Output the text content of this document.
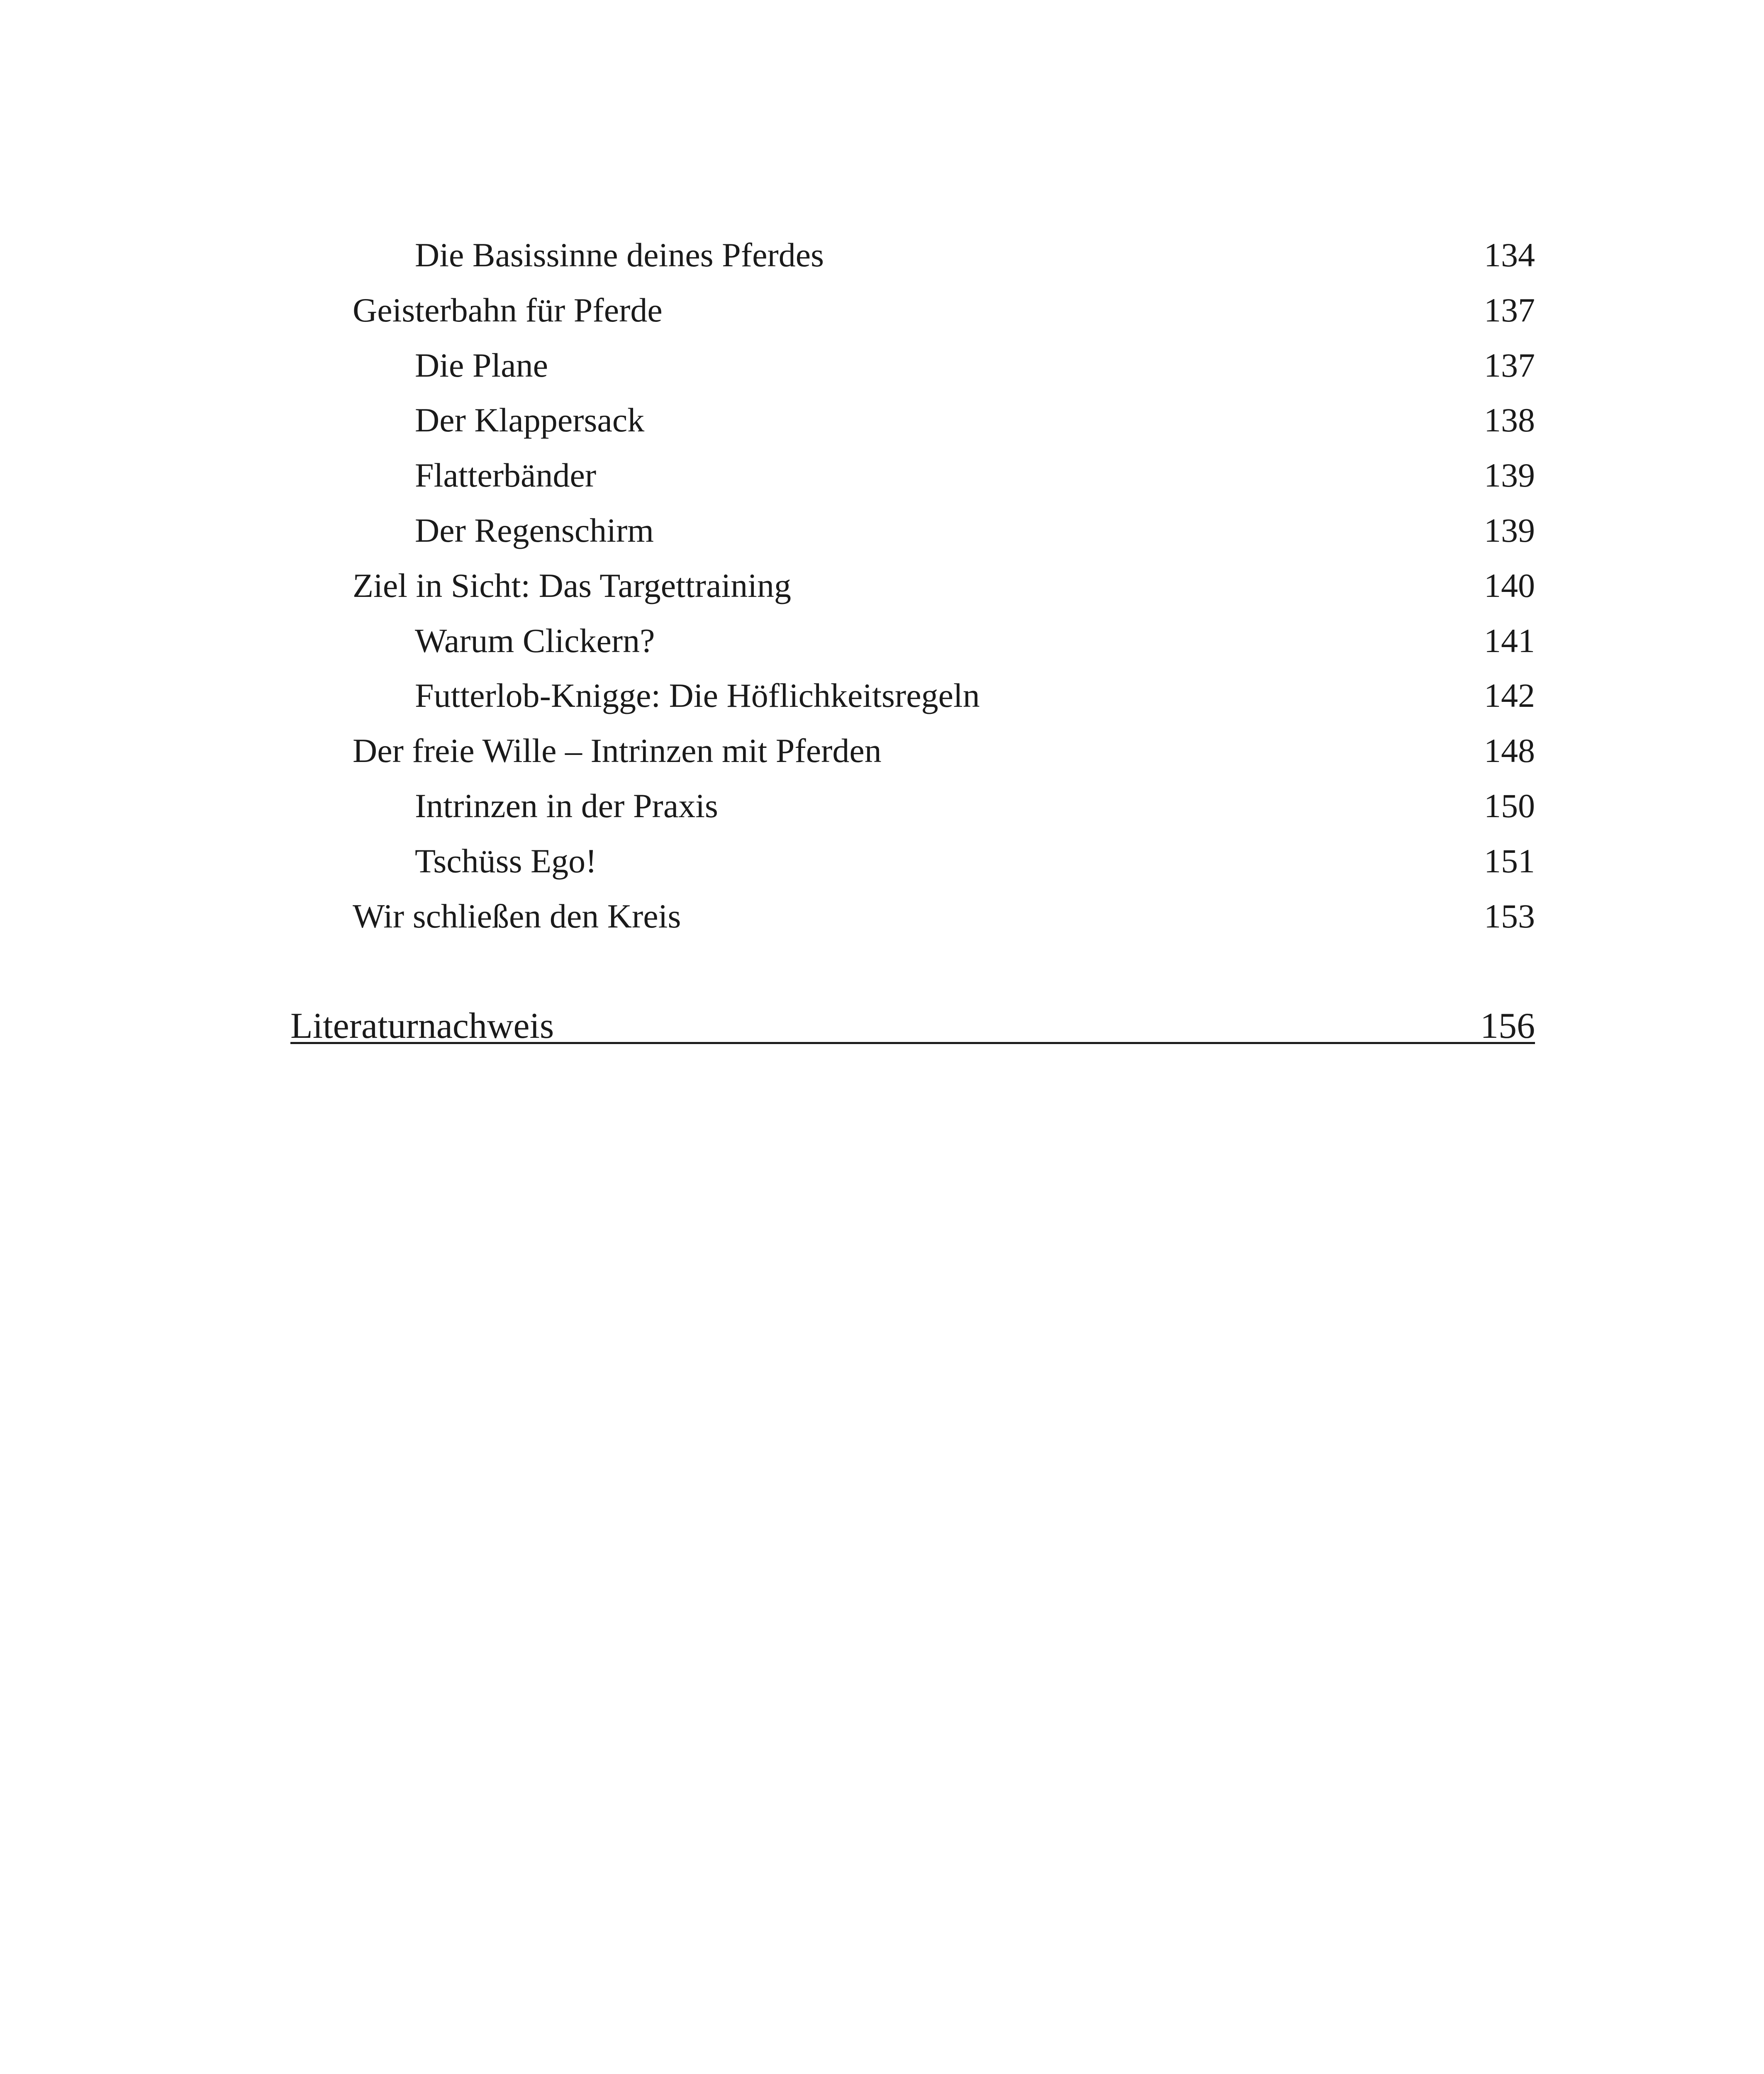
Die Basissinne deines Pferdes	134
Geisterbahn für Pferde	137
Die Plane	137
Der Klappersack	138
Flatterbänder	139
Der Regenschirm	139
Ziel in Sicht: Das Targettraining	140
Warum Clickern?	141
Futterlob-Knigge: Die Höflichkeitsregeln	142
Der freie Wille – Intrinzen mit Pferden	148
Intrinzen in der Praxis	150
Tschüss Ego!	151
Wir schließen den Kreis	153
Literaturnachweis	156
